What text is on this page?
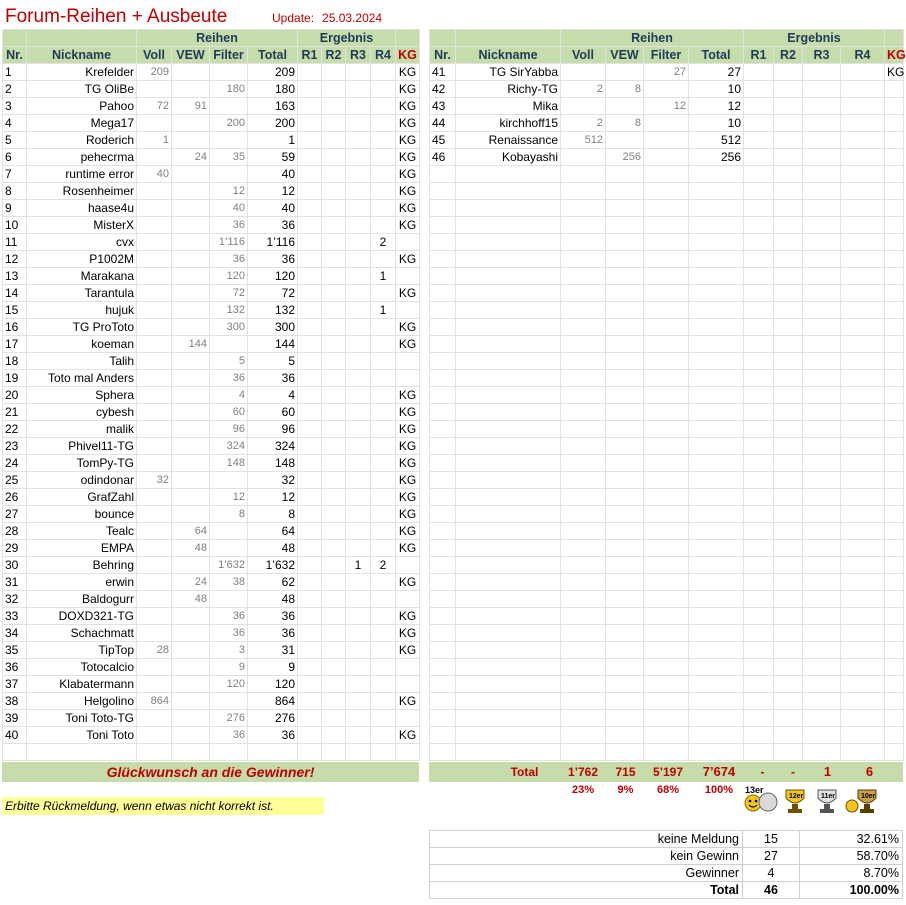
Forum-Reihen + Ausbeute	Update: 25.03.2024
		Reihen				Ergebnis				
Nr.	Nickname	Voll	VEW	Filter	Total	R1	R2	R3	R4	KG
1	Krefelder	209			209					KG
2	TG OliBe			180	180					KG
3	Pahoo	72	91		163					KG
4	Mega17			200	200					KG
5	Roderich	1			1					KG
6	pehecrma		24	35	59					KG
7	runtime error	40			40					KG
8	Rosenheimer			12	12					KG
9	haase4u			40	40					KG
10	MisterX			36	36					KG
11	cvx			1’116	1’116				2	
12	P1002M			36	36					KG
13	Marakana			120	120				1	
14	Tarantula			72	72					KG
15	hujuk			132	132				1	
16	TG ProToto			300	300					KG
17	koeman		144		144					KG
18	Talih			5	5					
19	Toto mal Anders			36	36					
20	Sphera			4	4					KG
21	cybesh			60	60					KG
22	malik			96	96					KG
23	Phivel11-TG			324	324					KG
24	TomPy-TG			148	148					KG
25	odindonar	32			32					KG
26	GrafZahl			12	12					KG
27	bounce			8	8					KG
28	Tealc		64		64					KG
29	EMPA		48		48					KG
30	Behring			1’632	1’632			1	2	
31	erwin		24	38	62					KG
32	Baldogurr		48		48					
33	DOXD321-TG			36	36					KG
34	Schachmatt			36	36					KG
35	TipTop	28		3	31					KG
36	Totocalcio			9	9					
37	Klabatermann			120	120					
38	Helgolino	864			864					KG
39	Toni Toto-TG			276	276					
40	Toni Toto			36	36					KG

		Reihen				Ergebnis				
Nr.	Nickname	Voll	VEW	Filter	Total	R1	R2	R3	R4	KG
41	TG SirYabba			27	27					KG
42	Richy-TG	2	8		10					
43	Mika			12	12					
44	kirchhoff15	2	8		10					
45	Renaissance	512			512					
46	Kobayashi		256		256					

Glückwunsch an die Gewinner!
Erbitte Rückmeldung, wenn etwas nicht korrekt ist.
Total	1’762	715	5’197	7’674	-	-	1	6
23%	9%	68%	100%	13er
12er	11er	10er
keine Meldung	15	32.61%
kein Gewinn	27	58.70%
Gewinner	4	8.70%
Total	46	100.00%
